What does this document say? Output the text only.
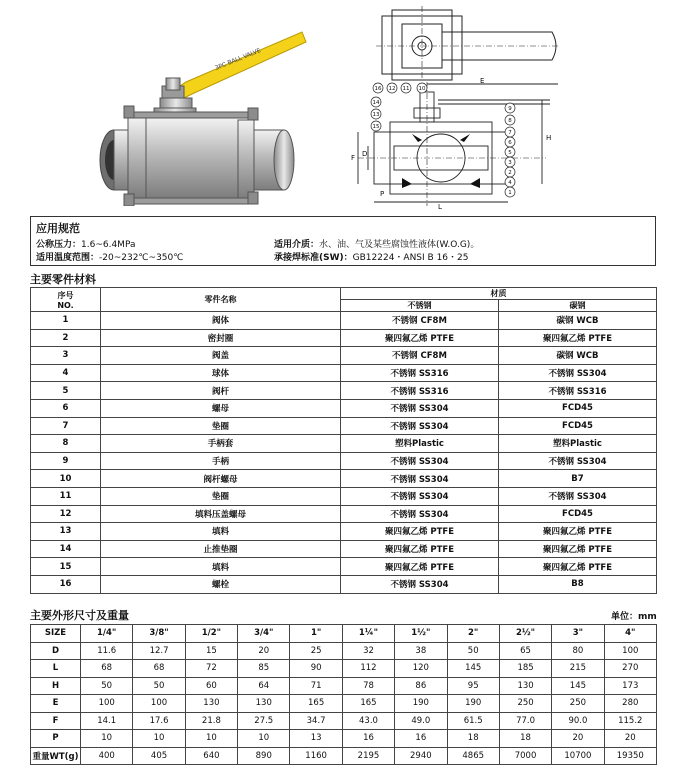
3PC BALL VALVE
16 12 11 10
9
14
13
15
8
7
6
5
3
2
4
1
E
H
F D
P
L
应用规范
公称压力：1.6~6.4MPa
适用温度范围：-20~232℃~350℃
适用介质：水、油、气及某些腐蚀性液体(W.O.G)。
承接焊标准(SW)：GB12224・ANSI B 16・25
主要零件材料
序号
NO.	零件名称	材质	
		不锈钢	碳钢
1	阀体	不锈钢 CF8M	碳钢 WCB
2	密封圈	聚四氟乙烯 PTFE	聚四氟乙烯 PTFE
3	阀盖	不锈钢 CF8M	碳钢 WCB
4	球体	不锈钢 SS316	不锈钢 SS304
5	阀杆	不锈钢 SS316	不锈钢 SS316
6	螺母	不锈钢 SS304	FCD45
7	垫圈	不锈钢 SS304	FCD45
8	手柄套	塑料Plastic	塑料Plastic
9	手柄	不锈钢 SS304	不锈钢 SS304
10	阀杆螺母	不锈钢 SS304	B7
11	垫圈	不锈钢 SS304	不锈钢 SS304
12	填料压盖螺母	不锈钢 SS304	FCD45
13	填料	聚四氟乙烯 PTFE	聚四氟乙烯 PTFE
14	止推垫圈	聚四氟乙烯 PTFE	聚四氟乙烯 PTFE
15	填料	聚四氟乙烯 PTFE	聚四氟乙烯 PTFE
16	螺栓	不锈钢 SS304	B8
主要外形尺寸及重量	单位：mm
SIZE	1/4"	3/8"	1/2"	3/4"	1"	1¼"	1½"	2"	2½"	3"	4"
D	11.6	12.7	15	20	25	32	38	50	65	80	100
L	68	68	72	85	90	112	120	145	185	215	270
H	50	50	60	64	71	78	86	95	130	145	173
E	100	100	130	130	165	165	190	190	250	250	280
F	14.1	17.6	21.8	27.5	34.7	43.0	49.0	61.5	77.0	90.0	115.2
P	10	10	10	10	13	16	16	18	18	20	20
重量WT(g)	400	405	640	890	1160	2195	2940	4865	7000	10700	19350
